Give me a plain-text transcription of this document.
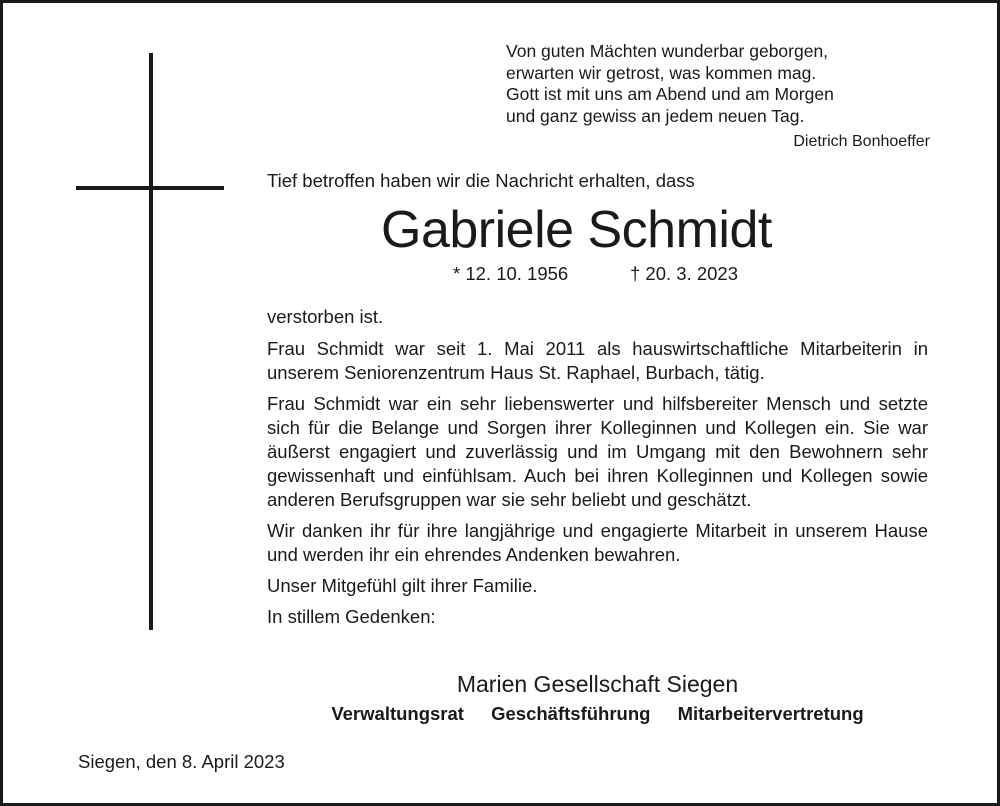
Von guten Mächten wunderbar geborgen,
erwarten wir getrost, was kommen mag.
Gott ist mit uns am Abend und am Morgen
und ganz gewiss an jedem neuen Tag.
Dietrich Bonhoeffer
Tief betroffen haben wir die Nachricht erhalten, dass
Gabriele Schmidt
* 12. 10. 1956	† 20. 3. 2023

verstorben ist.

Frau Schmidt war seit 1. Mai 2011 als hauswirtschaftliche Mitarbeiterin in unserem Seniorenzentrum Haus St. Raphael, Burbach, tätig.

Frau Schmidt war ein sehr liebenswerter und hilfsbereiter Mensch und setzte sich für die Belange und Sorgen ihrer Kolleginnen und Kollegen ein. Sie war äußerst engagiert und zuverlässig und im Umgang mit den Bewohnern sehr gewissenhaft und einfühlsam. Auch bei ihren Kolleginnen und Kollegen sowie anderen Berufsgruppen war sie sehr beliebt und geschätzt.

Wir danken ihr für ihre langjährige und engagierte Mitarbeit in unserem Hause und werden ihr ein ehrendes Andenken bewahren.

Unser Mitgefühl gilt ihrer Familie.

In stillem Gedenken:

Marien Gesellschaft Siegen
Verwaltungsrat Geschäftsführung Mitarbeitervertretung
Siegen, den 8. April 2023
